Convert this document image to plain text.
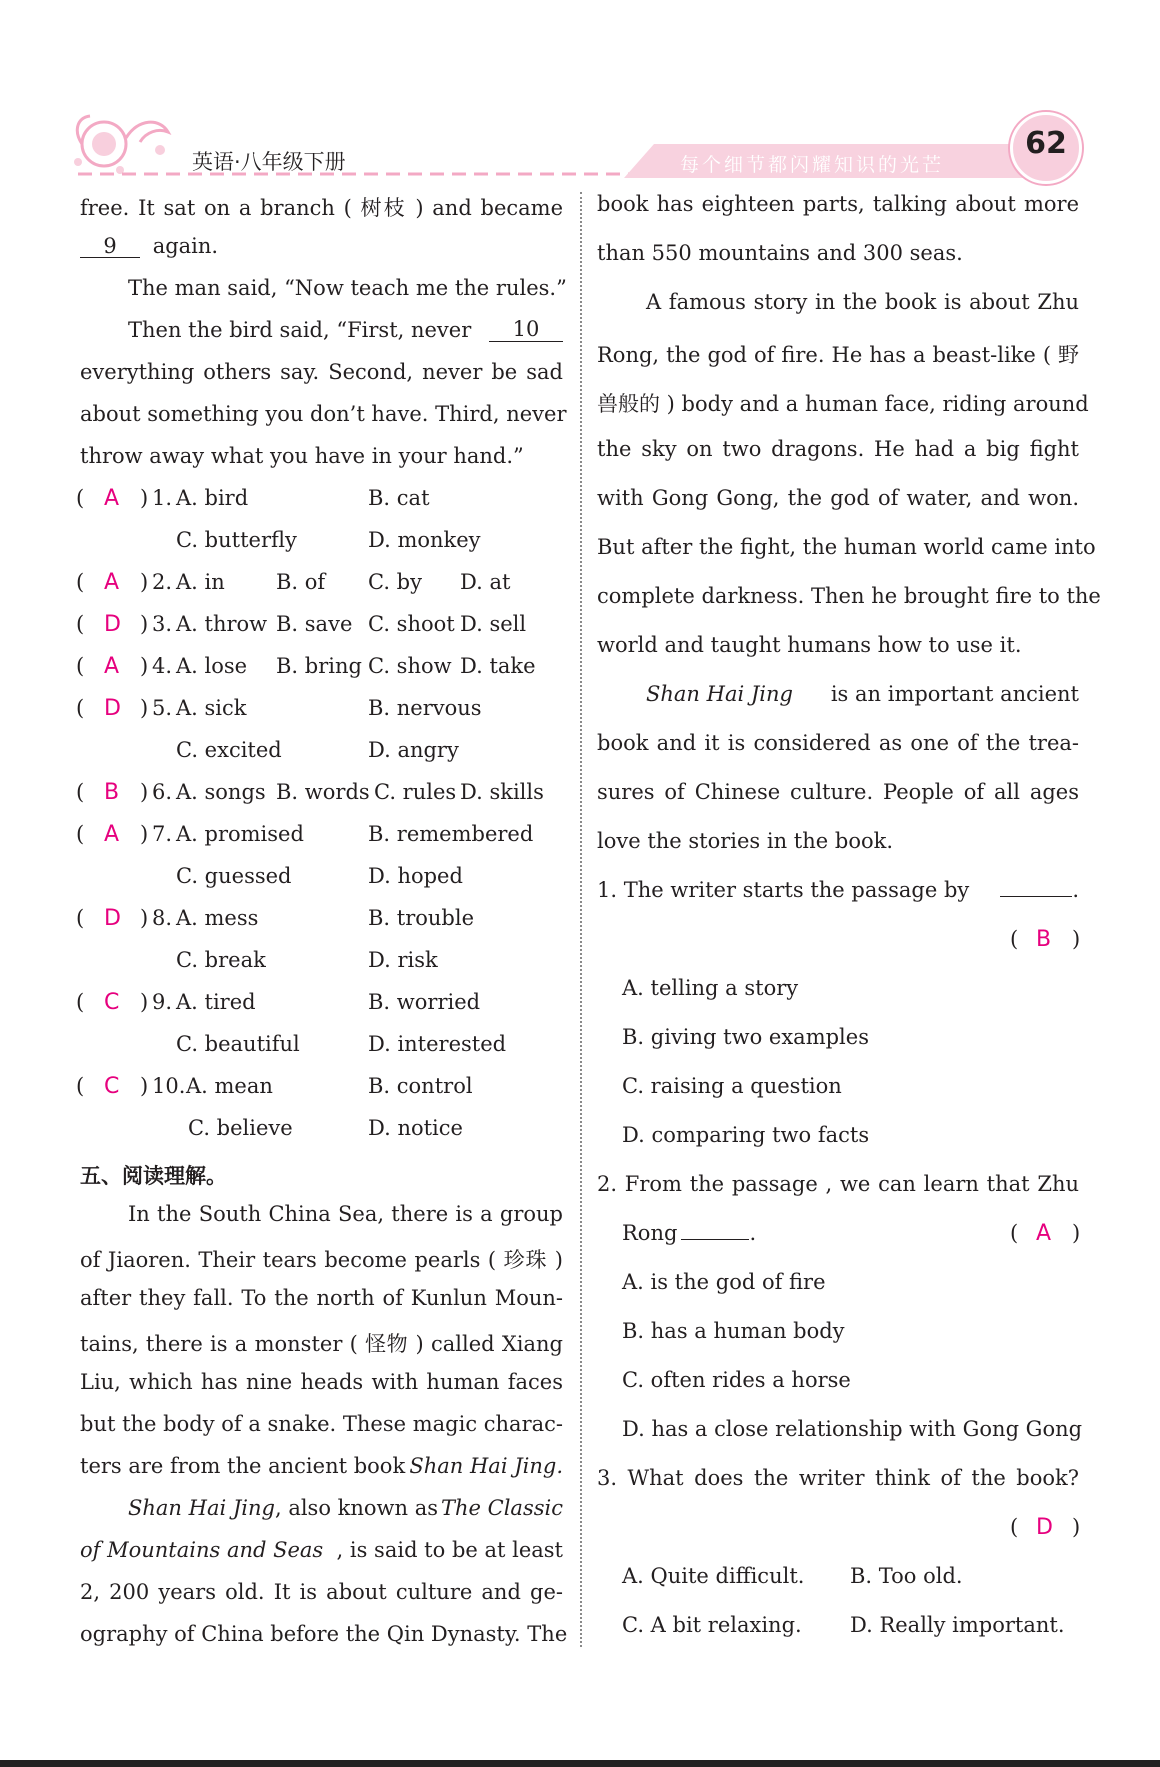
英语·八年级下册	每个细节都闪耀知识的光芒
62
free. It sat on a branch ( 树枝 ) and became
9 again.
The man said, “Now teach me the rules.”
Then the bird said, “First, never	10
everything others say. Second, never be sad
about something you don’t have. Third, never
throw away what you have in your hand.”
( A ) 1. A. bird	B. cat
C. butterfly	D. monkey
( A ) 2. A. in B. of C. by D. at
( D ) 3. A. throw B. save C. shoot D. sell
( A ) 4. A. lose B. bring C. show D. take
( D ) 5. A. sick	B. nervous
C. excited	D. angry
( B ) 6. A. songs B. words C. rules D. skills
( A ) 7. A. promised	B. remembered
C. guessed	D. hoped
( D ) 8. A. mess	B. trouble
C. break	D. risk
( C ) 9. A. tired	B. worried
C. beautiful	D. interested
( C ) 10. A. mean	B. control
C. believe	D. notice
五、阅读理解。
In the South China Sea, there is a group
of Jiaoren. Their tears become pearls ( 珍珠 )
after they fall. To the north of Kunlun Moun-
tains, there is a monster ( 怪物 ) called Xiang
Liu, which has nine heads with human faces
but the body of a snake. These magic charac-
ters are from the ancient book Shan Hai Jing.
Shan Hai Jing, also known as The Classic
of Mountains and Seas , is said to be at least
2, 200 years old. It is about culture and ge-
ography of China before the Qin Dynasty. The
book has eighteen parts, talking about more
than 550 mountains and 300 seas.
A famous story in the book is about Zhu
Rong, the god of fire. He has a beast-like ( 野
兽般的 ) body and a human face, riding around
the sky on two dragons. He had a big fight
with Gong Gong, the god of water, and won.
But after the fight, the human world came into
complete darkness. Then he brought fire to the
world and taught humans how to use it.
Shan Hai Jing is an important ancient
book and it is considered as one of the trea-
sures of Chinese culture. People of all ages
love the stories in the book.
1. The writer starts the passage by	.
( B )
A. telling a story
B. giving two examples
C. raising a question
D. comparing two facts
2. From the passage , we can learn that Zhu
Rong	.	( A )
A. is the god of fire
B. has a human body
C. often rides a horse
D. has a close relationship with Gong Gong
3. What does the writer think of the book?
( D )
A. Quite difficult. B. Too old.
C. A bit relaxing. D. Really important.
